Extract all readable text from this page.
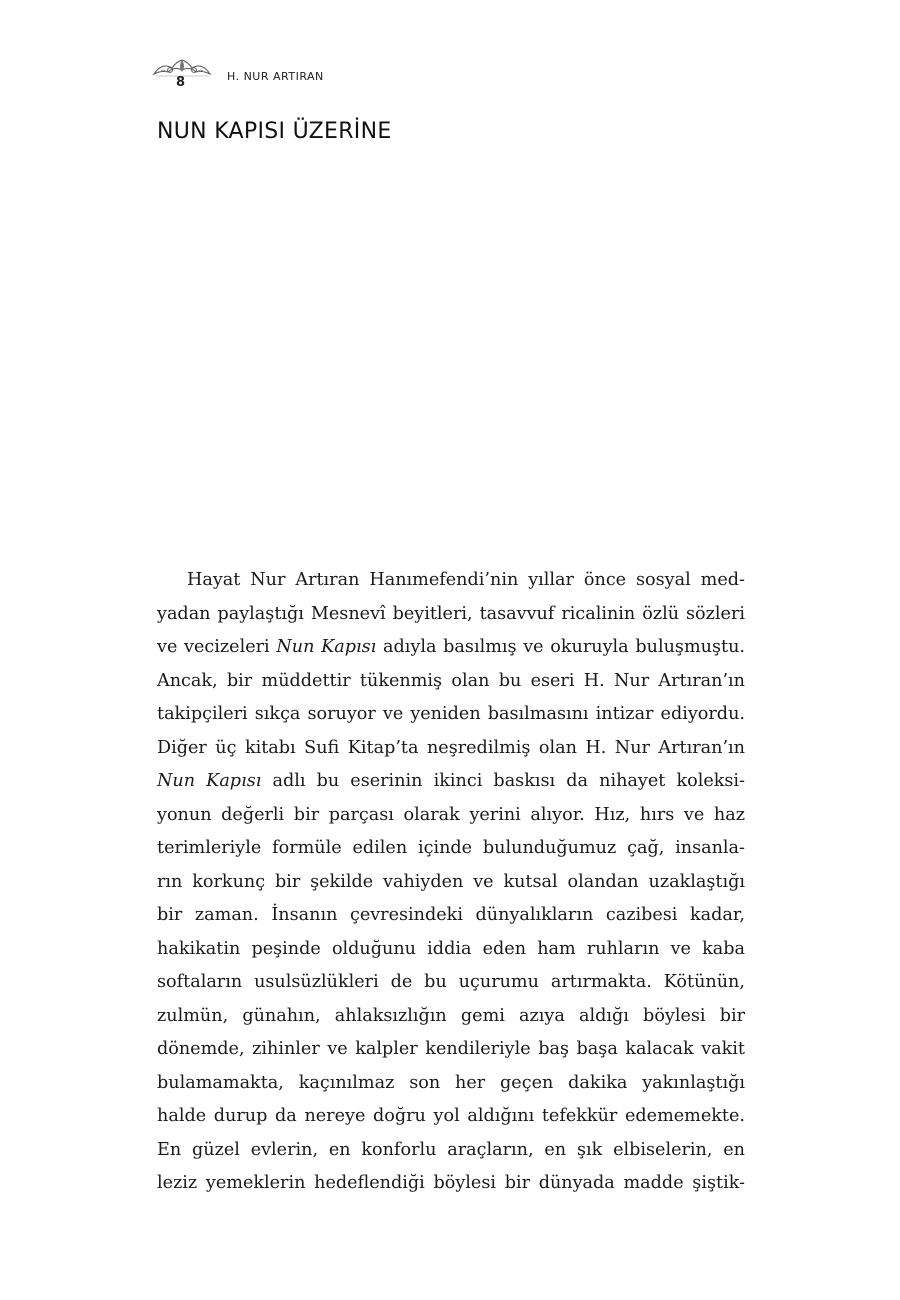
8	H. NUR ARTIRAN
NUN KAPISI ÜZERİNE
Hayat Nur Artıran Hanımefendi’nin yıllar önce sosyal med-
yadan paylaştığı Mesnevî beyitleri, tasavvuf ricalinin özlü sözleri
ve vecizeleri Nun Kapısı adıyla basılmış ve okuruyla buluşmuştu.
Ancak, bir müddettir tükenmiş olan bu eseri H. Nur Artıran’ın
takipçileri sıkça soruyor ve yeniden basılmasını intizar ediyordu.
Diğer üç kitabı Sufi Kitap’ta neşredilmiş olan H. Nur Artıran’ın
Nun Kapısı adlı bu eserinin ikinci baskısı da nihayet koleksi-
yonun değerli bir parçası olarak yerini alıyor. Hız, hırs ve haz
terimleriyle formüle edilen içinde bulunduğumuz çağ, insanla-
rın korkunç bir şekilde vahiyden ve kutsal olandan uzaklaştığı
bir zaman. İnsanın çevresindeki dünyalıkların cazibesi kadar,
hakikatin peşinde olduğunu iddia eden ham ruhların ve kaba
softaların usulsüzlükleri de bu uçurumu artırmakta. Kötünün,
zulmün, günahın, ahlaksızlığın gemi azıya aldığı böylesi bir
dönemde, zihinler ve kalpler kendileriyle baş başa kalacak vakit
bulamamakta, kaçınılmaz son her geçen dakika yakınlaştığı
halde durup da nereye doğru yol aldığını tefekkür edememekte.
En güzel evlerin, en konforlu araçların, en şık elbiselerin, en
leziz yemeklerin hedeflendiği böylesi bir dünyada madde şiştik-
